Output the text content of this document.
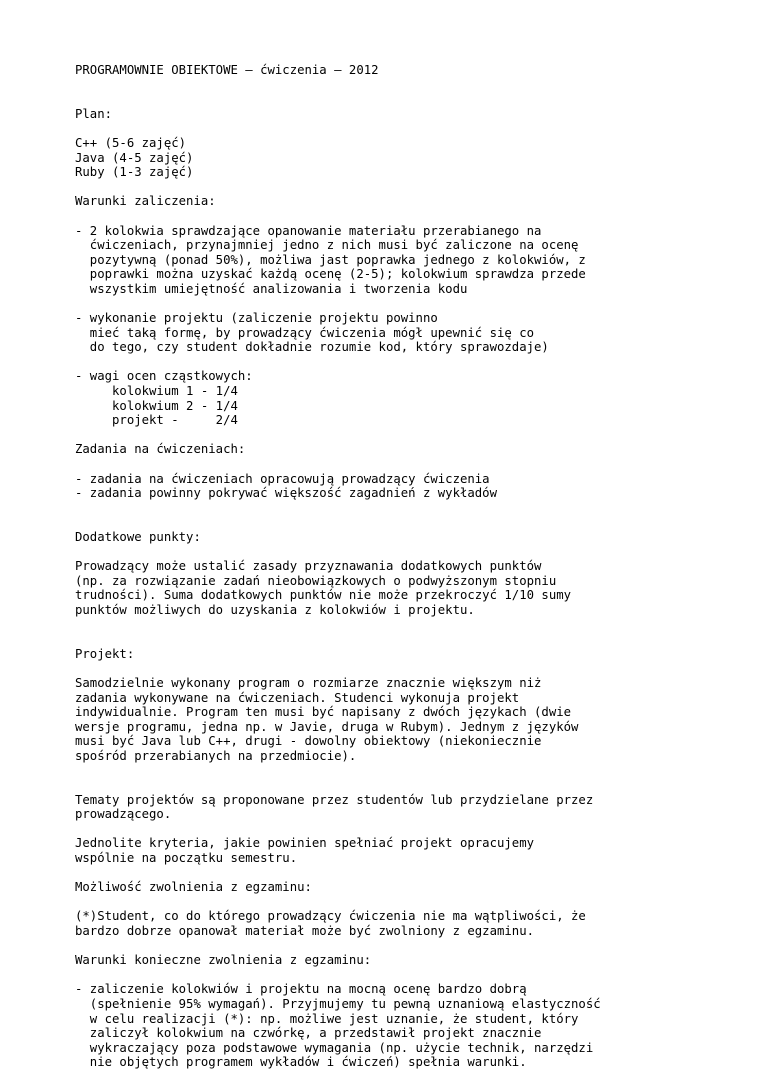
PROGRAMOWNIE OBIEKTOWE – ćwiczenia – 2012
Plan:
C++ (5-6 zajęć)
Java (4-5 zajęć)
Ruby (1-3 zajęć)
Warunki zaliczenia:
- 2 kolokwia sprawdzające opanowanie materiału przerabianego na
ćwiczeniach, przynajmniej jedno z nich musi być zaliczone na ocenę
pozytywną (ponad 50%), możliwa jast poprawka jednego z kolokwiów, z
poprawki można uzyskać każdą ocenę (2-5); kolokwium sprawdza przede
wszystkim umiejętność analizowania i tworzenia kodu
- wykonanie projektu (zaliczenie projektu powinno
mieć taką formę, by prowadzący ćwiczenia mógł upewnić się co
do tego, czy student dokładnie rozumie kod, który sprawozdaje)
- wagi ocen cząstkowych:
kolokwium 1 - 1/4
kolokwium 2 - 1/4
projekt -     2/4
Zadania na ćwiczeniach:
- zadania na ćwiczeniach opracowują prowadzący ćwiczenia
- zadania powinny pokrywać większość zagadnień z wykładów
Dodatkowe punkty:
Prowadzący może ustalić zasady przyznawania dodatkowych punktów
(np. za rozwiązanie zadań nieobowiązkowych o podwyższonym stopniu
trudności). Suma dodatkowych punktów nie może przekroczyć 1/10 sumy
punktów możliwych do uzyskania z kolokwiów i projektu.
Projekt:
Samodzielnie wykonany program o rozmiarze znacznie większym niż
zadania wykonywane na ćwiczeniach. Studenci wykonuja projekt
indywidualnie. Program ten musi być napisany z dwóch językach (dwie
wersje programu, jedna np. w Javie, druga w Rubym). Jednym z języków
musi być Java lub C++, drugi - dowolny obiektowy (niekoniecznie
spośród przerabianych na przedmiocie).
Tematy projektów są proponowane przez studentów lub przydzielane przez
prowadzącego.
Jednolite kryteria, jakie powinien spełniać projekt opracujemy
wspólnie na początku semestru.
Możliwość zwolnienia z egzaminu:
(*)Student, co do którego prowadzący ćwiczenia nie ma wątpliwości, że
bardzo dobrze opanował materiał może być zwolniony z egzaminu.
Warunki konieczne zwolnienia z egzaminu:
- zaliczenie kolokwiów i projektu na mocną ocenę bardzo dobrą
(spełnienie 95% wymagań). Przyjmujemy tu pewną uznaniową elastyczność
w celu realizacji (*): np. możliwe jest uznanie, że student, który
zaliczył kolokwium na czwórkę, a przedstawił projekt znacznie
wykraczający poza podstawowe wymagania (np. użycie technik, narzędzi
nie objętych programem wykładów i ćwiczeń) spełnia warunki.
